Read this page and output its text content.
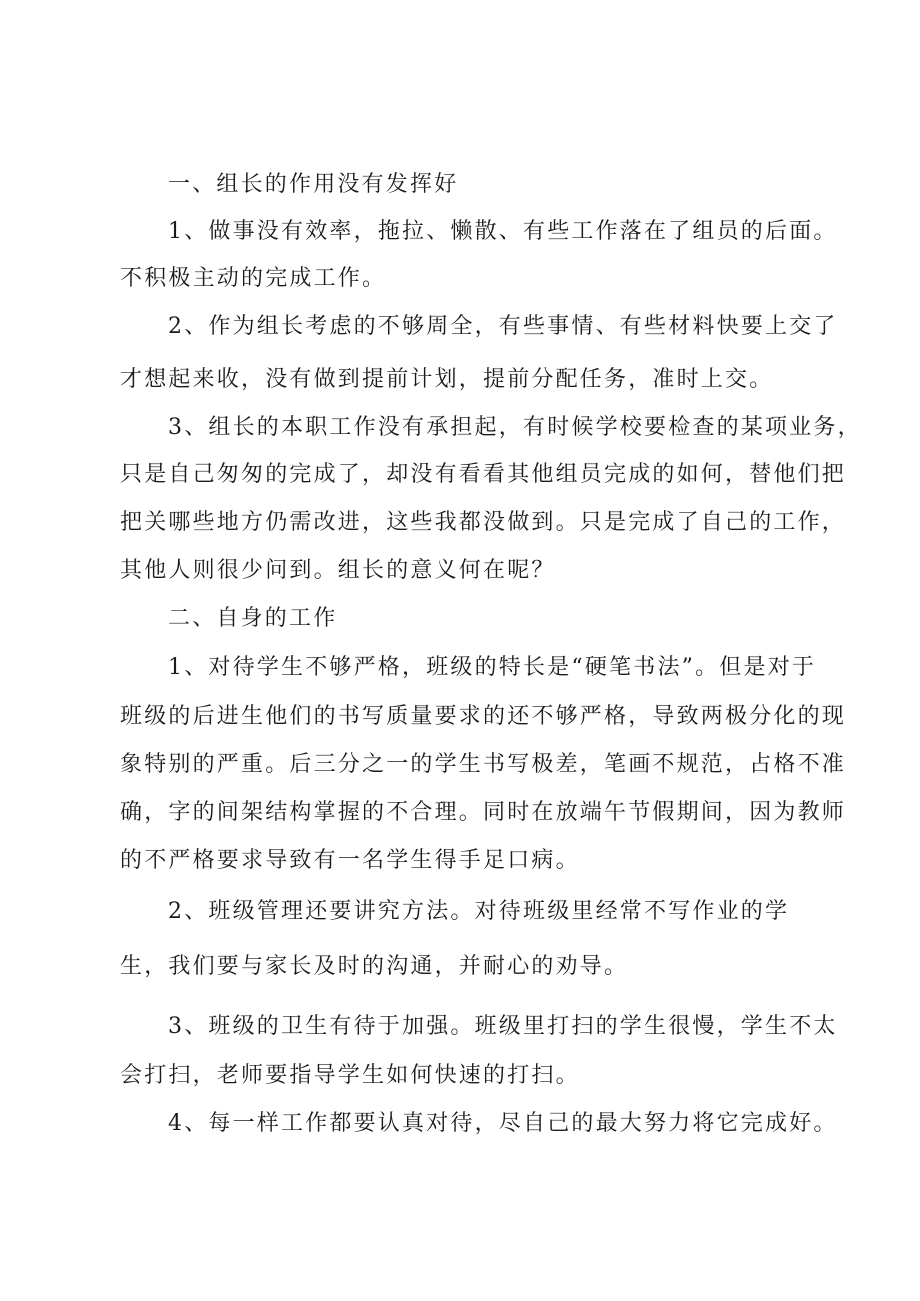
一、组长的作用没有发挥好

1、做事没有效率，拖拉、懒散、有些工作落在了组员的后面。

不积极主动的完成工作。

2、作为组长考虑的不够周全，有些事情、有些材料快要上交了

才想起来收，没有做到提前计划，提前分配任务，准时上交。

3、组长的本职工作没有承担起，有时候学校要检查的某项业务，

只是自己匆匆的完成了，却没有看看其他组员完成的如何，替他们把

把关哪些地方仍需改进，这些我都没做到。只是完成了自己的工作，

其他人则很少问到。组长的意义何在呢？

二、自身的工作

1、对待学生不够严格，班级的特长是“硬笔书法”。但是对于

班级的后进生他们的书写质量要求的还不够严格，导致两极分化的现

象特别的严重。后三分之一的学生书写极差，笔画不规范，占格不准

确，字的间架结构掌握的不合理。同时在放端午节假期间，因为教师

的不严格要求导致有一名学生得手足口病。

2、班级管理还要讲究方法。对待班级里经常不写作业的学

生，我们要与家长及时的沟通，并耐心的劝导。

3、班级的卫生有待于加强。班级里打扫的学生很慢，学生不太

会打扫，老师要指导学生如何快速的打扫。

4、每一样工作都要认真对待，尽自己的最大努力将它完成好。
